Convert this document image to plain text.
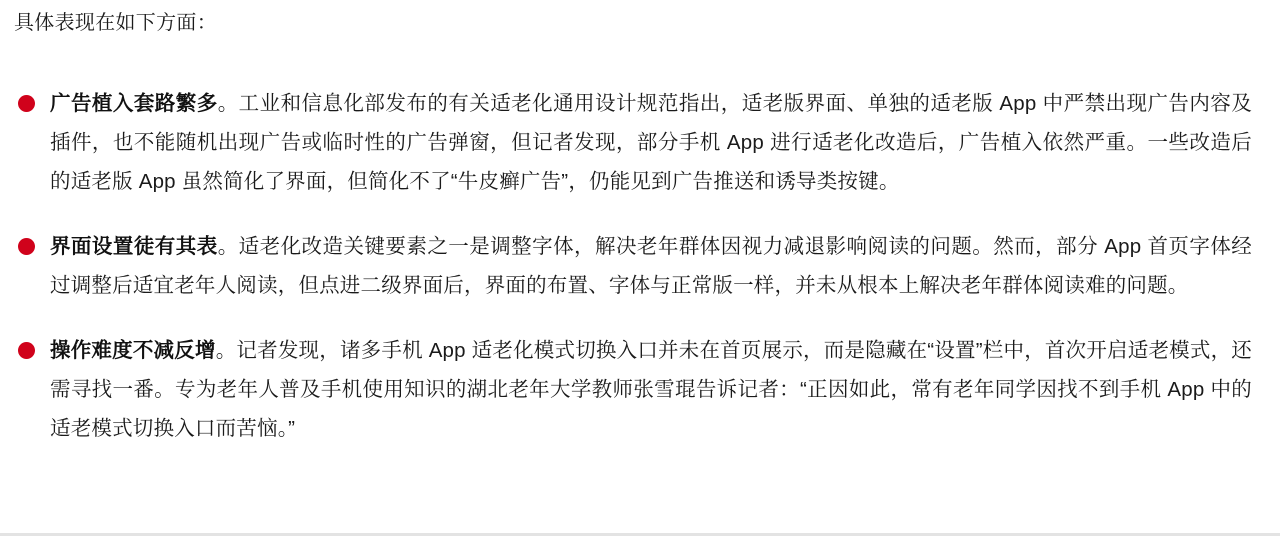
具体表现在如下方面：

广告植入套路繁多。工业和信息化部发布的有关适老化通用设计规范指出，适老版界面、单独的适老版 App 中严禁出现广告内容及插件，也不能随机出现广告或临时性的广告弹窗，但记者发现，部分手机 App 进行适老化改造后，广告植入依然严重。一些改造后的适老版 App 虽然简化了界面，但简化不了“牛皮癣广告”，仍能见到广告推送和诱导类按键。

界面设置徒有其表。适老化改造关键要素之一是调整字体，解决老年群体因视力减退影响阅读的问题。然而，部分 App 首页字体经过调整后适宜老年人阅读，但点进二级界面后，界面的布置、字体与正常版一样，并未从根本上解决老年群体阅读难的问题。

操作难度不减反增。记者发现，诸多手机 App 适老化模式切换入口并未在首页展示，而是隐藏在“设置”栏中，首次开启适老模式，还需寻找一番。专为老年人普及手机使用知识的湖北老年大学教师张雪琨告诉记者：“正因如此，常有老年同学因找不到手机 App 中的适老模式切换入口而苦恼。”
